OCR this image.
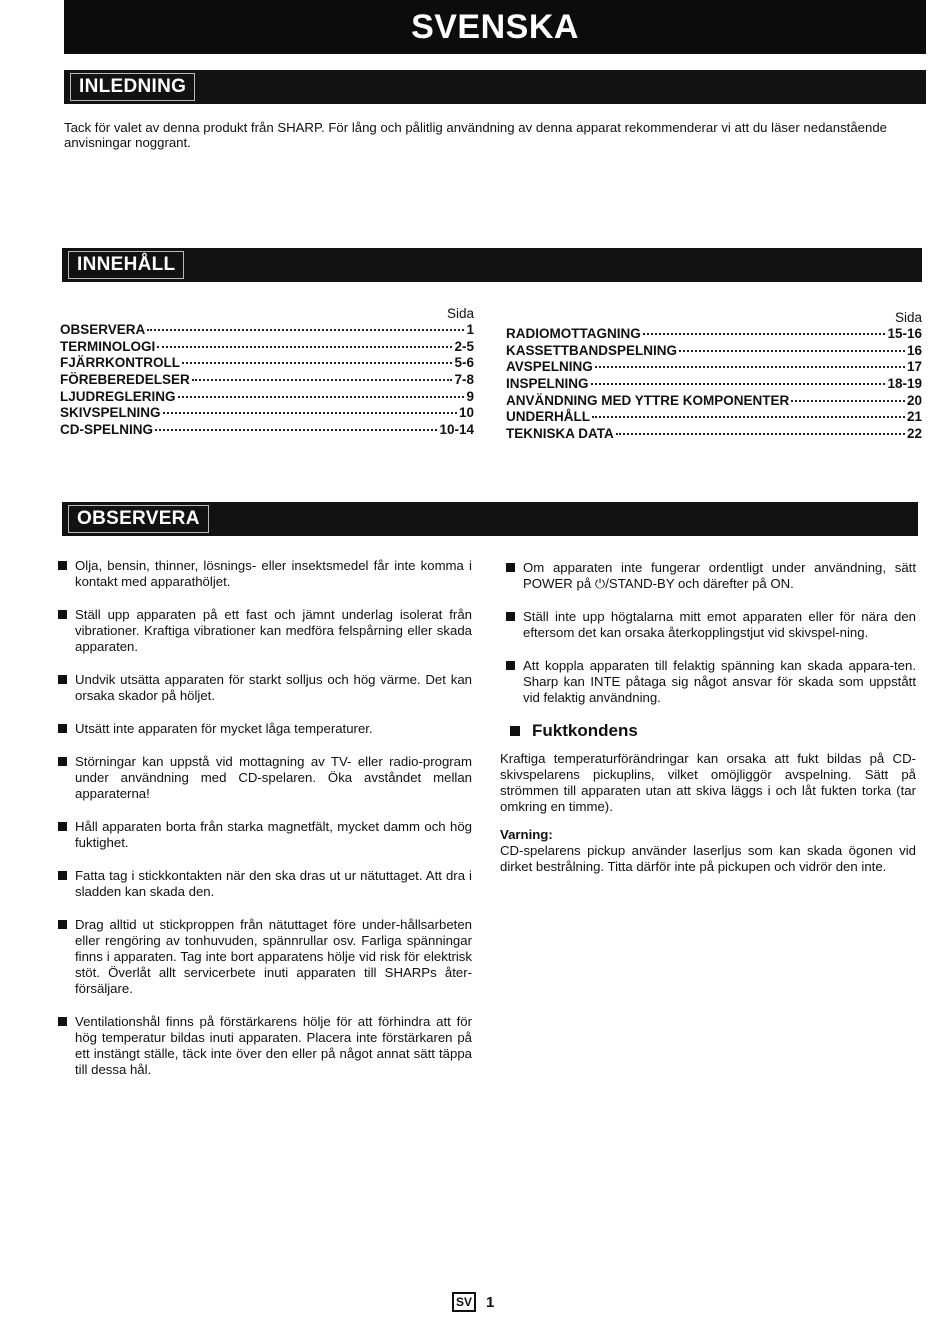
SVENSKA
INLEDNING
Tack för valet av denna produkt från SHARP. För lång och pålitlig användning av denna apparat rekommenderar vi att du läser nedanstående anvisningar noggrant.
INNEHÅLL
Sida
OBSERVERA	1
TERMINOLOGI	2-5
FJÄRRKONTROLL	5-6
FÖREBEREDELSER	7-8
LJUDREGLERING	9
SKIVSPELNING	10
CD-SPELNING	10-14
Sida
RADIOMOTTAGNING	15-16
KASSETTBANDSPELNING	16
AVSPELNING	17
INSPELNING	18-19
ANVÄNDNING MED YTTRE KOMPONENTER	20
UNDERHÅLL	21
TEKNISKA DATA	22
OBSERVERA
Olja, bensin, thinner, lösnings- eller insektsmedel får inte komma i kontakt med apparathöljet.
Ställ upp apparaten på ett fast och jämnt underlag isolerat från vibrationer. Kraftiga vibrationer kan medföra felspårning eller skada apparaten.
Undvik utsätta apparaten för starkt solljus och hög värme. Det kan orsaka skador på höljet.
Utsätt inte apparaten för mycket låga temperaturer.
Störningar kan uppstå vid mottagning av TV- eller radio-program under användning med CD-spelaren. Öka avståndet mellan apparaterna!
Håll apparaten borta från starka magnetfält, mycket damm och hög fuktighet.
Fatta tag i stickkontakten när den ska dras ut ur nätuttaget. Att dra i sladden kan skada den.
Drag alltid ut stickproppen från nätuttaget före under-hållsarbeten eller rengöring av tonhuvuden, spännrullar osv. Farliga spänningar finns i apparaten. Tag inte bort apparatens hölje vid risk för elektrisk stöt. Överlåt allt servicerbete inuti apparaten till SHARPs åter-försäljare.
Ventilationshål finns på förstärkarens hölje för att förhindra att för hög temperatur bildas inuti apparaten. Placera inte förstärkaren på ett instängt ställe, täck inte över den eller på något annat sätt täppa till dessa hål.
Om apparaten inte fungerar ordentligt under användning, sätt POWER på ⏻/STAND-BY och därefter på ON.
Ställ inte upp högtalarna mitt emot apparaten eller för nära den eftersom det kan orsaka återkopplingstjut vid skivspel-ning.
Att koppla apparaten till felaktig spänning kan skada appara-ten. Sharp kan INTE påtaga sig något ansvar för skada som uppstått vid felaktig användning.
Fuktkondens
Kraftiga temperaturförändringar kan orsaka att fukt bildas på CD-skivspelarens pickuplins, vilket omöjliggör avspelning. Sätt på strömmen till apparaten utan att skiva läggs i och låt fukten torka (tar omkring en timme).
Varning:
CD-spelarens pickup använder laserljus som kan skada ögonen vid dirket bestrålning. Titta därför inte på pickupen och vidrör den inte.
SV 1
